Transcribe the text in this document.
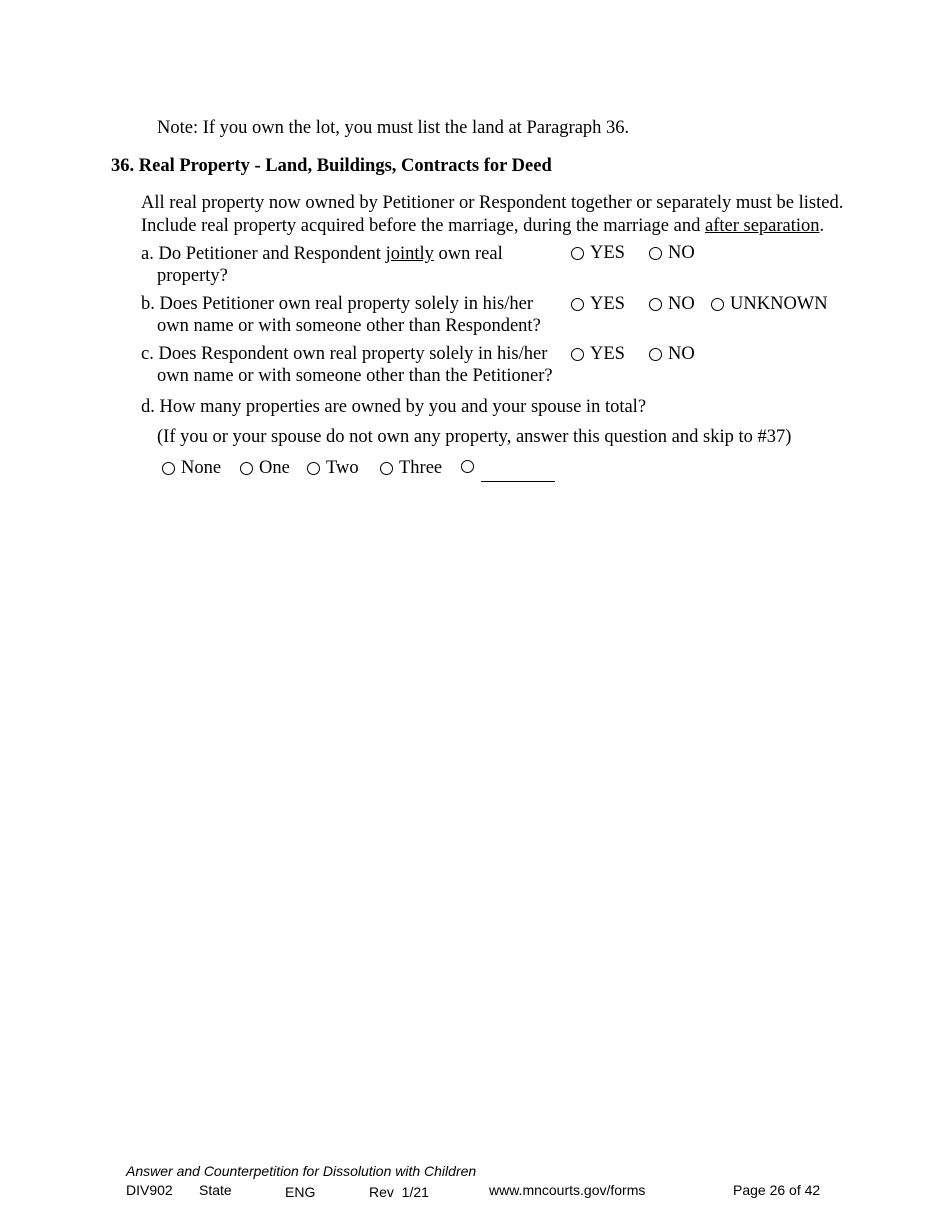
Note: If you own the lot, you must list the land at Paragraph 36.
36. Real Property - Land, Buildings, Contracts for Deed
All real property now owned by Petitioner or Respondent together or separately must be listed.
Include real property acquired before the marriage, during the marriage and after separation.
a. Do Petitioner and Respondent jointly own real
property?
YES NO
b. Does Petitioner own real property solely in his/her
own name or with someone other than Respondent?
YES NO UNKNOWN
c. Does Respondent own real property solely in his/her
own name or with someone other than the Petitioner?
YES NO
d. How many properties are owned by you and your spouse in total?
(If you or your spouse do not own any property, answer this question and skip to #37)
None One Two Three
Answer and Counterpetition for Dissolution with Children
DIV902 State	ENG	Rev  1/21	www.mncourts.gov/forms	Page 26 of 42
